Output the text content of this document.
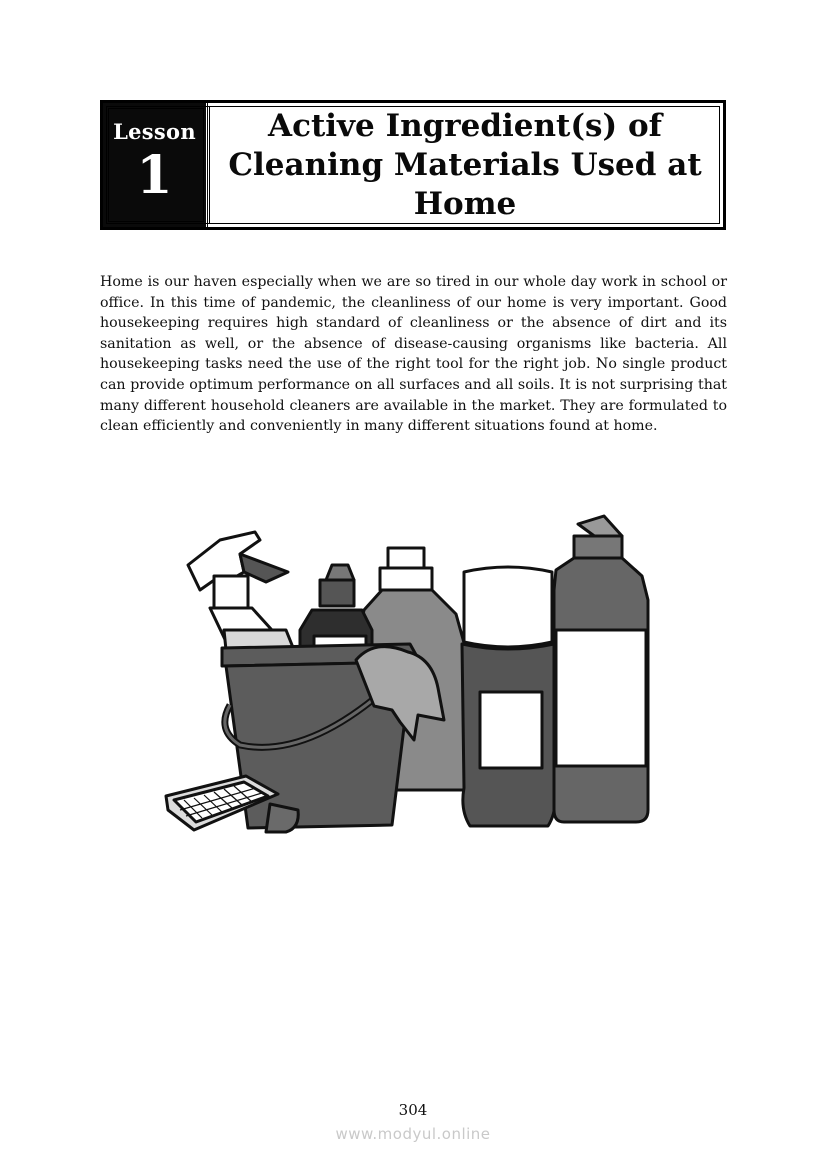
Lesson
1
Active Ingredient(s) of Cleaning Materials Used at Home

Home is our haven especially when we are so tired in our whole day work in school or office. In this time of pandemic, the cleanliness of our home is very important. Good housekeeping requires high standard of cleanliness or the absence of dirt and its sanitation as well, or the absence of disease-causing organisms like bacteria. All housekeeping tasks need the use of the right tool for the right job. No single product can provide optimum performance on all surfaces and all soils. It is not surprising that many different household cleaners are available in the market. They are formulated to clean efficiently and conveniently in many different situations found at home.

304
www.modyul.online
